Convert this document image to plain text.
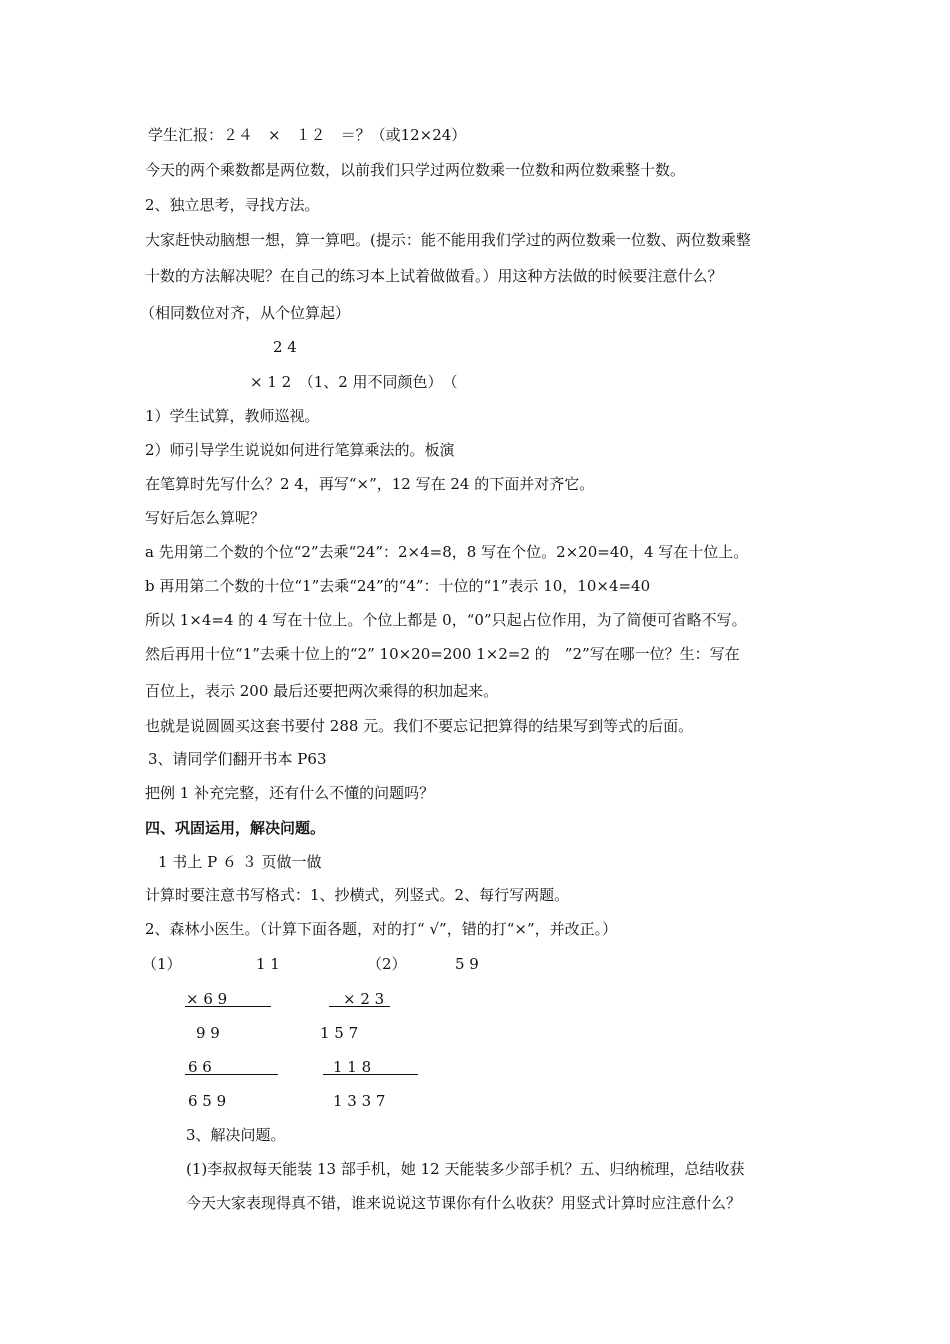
学生汇报：２４　×　１２　＝？（或12×24）
今天的两个乘数都是两位数，以前我们只学过两位数乘一位数和两位数乘整十数。
2、独立思考，寻找方法。
大家赶快动脑想一想，算一算吧。(提示：能不能用我们学过的两位数乘一位数、两位数乘整
十数的方法解决呢？在自己的练习本上试着做做看。）用这种方法做的时候要注意什么？
（相同数位对齐，从个位算起）
2 4
× 1 2　（1、2 用不同颜色）　（
1）学生试算，教师巡视。
2）师引导学生说说如何进行笔算乘法的。板演
在笔算时先写什么？2 4，再写“×”，12 写在 24 的下面并对齐它。
写好后怎么算呢？
a 先用第二个数的个位“2”去乘“24”：2×4=8，8 写在个位。2×20=40，4 写在十位上。
b 再用第二个数的十位“1”去乘“24”的“4”：十位的“1”表示 10，10×4=40
所以 1×4=4 的 4 写在十位上。个位上都是 0，“0”只起占位作用，为了简便可省略不写。
然后再用十位“1”去乘十位上的“2” 10×20=200 1×2=2 的　”2”写在哪一位？生：写在
百位上，表示 200 最后还要把两次乘得的积加起来。
也就是说圆圆买这套书要付 288 元。我们不要忘记把算得的结果写到等式的后面。
3、请同学们翻开书本 P63
把例 1 补充完整，还有什么不懂的问题吗？
四、巩固运用，解决问题。
1 书上 P ６ ３ 页做一做
计算时要注意书写格式：1、抄横式，列竖式。2、每行写两题。
2、森林小医生。（计算下面各题，对的打“ √”，错的打“×”，并改正。）
（1）	1 1
× 6 9
9 9
6 6
6 5 9
（2）	5 9
× 2 3
1 5 7
1 1 8
1 3 3 7
3、解决问题。
(1)李叔叔每天能装 13 部手机，她 12 天能装多少部手机？五、归纳梳理，总结收获
今天大家表现得真不错，谁来说说这节课你有什么收获？用竖式计算时应注意什么？
